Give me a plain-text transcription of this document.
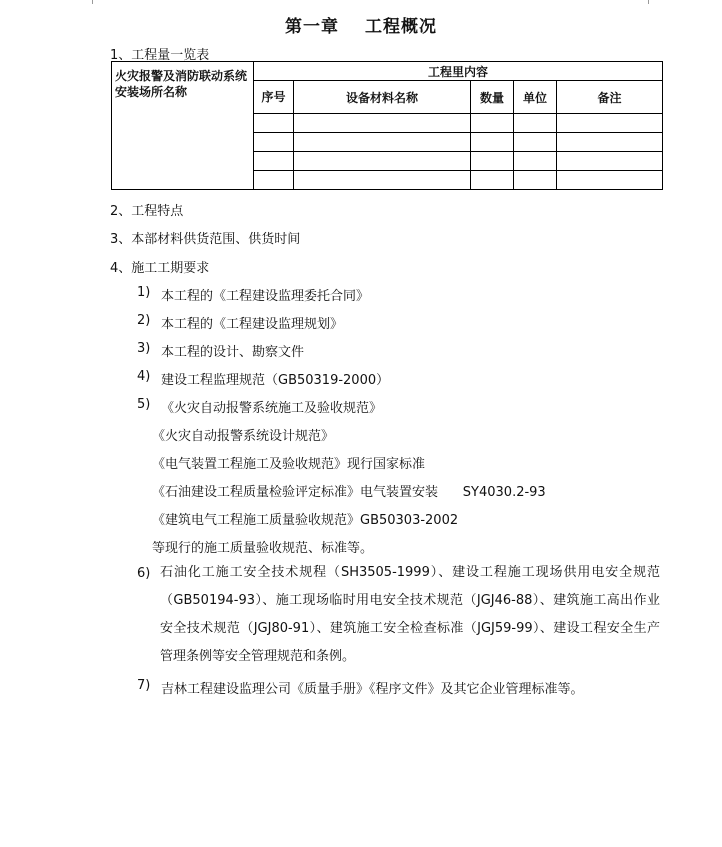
第一章 工程概况
1、工程量一览表
火灾报警及消防联动系统安装场所名称	工程里内容				
	序号	设备材料名称	数量	单位	备注

2、工程特点
3、本部材料供货范围、供货时间
4、施工工期要求
1) 本工程的《工程建设监理委托合同》
2) 本工程的《工程建设监理规划》
3) 本工程的设计、勘察文件
4) 建设工程监理规范（GB50319-2000）
5) 《火灾自动报警系统施工及验收规范》
《火灾自动报警系统设计规范》
《电气装置工程施工及验收规范》现行国家标准
《石油建设工程质量检验评定标准》电气装置安装      SY4030.2-93
《建筑电气工程施工质量验收规范》GB50303-2002
等现行的施工质量验收规范、标准等。
6) 石油化工施工安全技术规程（SH3505-1999）、建设工程施工现场供用电安全规范（GB50194-93）、施工现场临时用电安全技术规范（JGJ46-88）、建筑施工高出作业安全技术规范（JGJ80-91）、建筑施工安全检查标准（JGJ59-99）、建设工程安全生产管理条例等安全管理规范和条例。
7) 吉林工程建设监理公司《质量手册》《程序文件》及其它企业管理标准等。
